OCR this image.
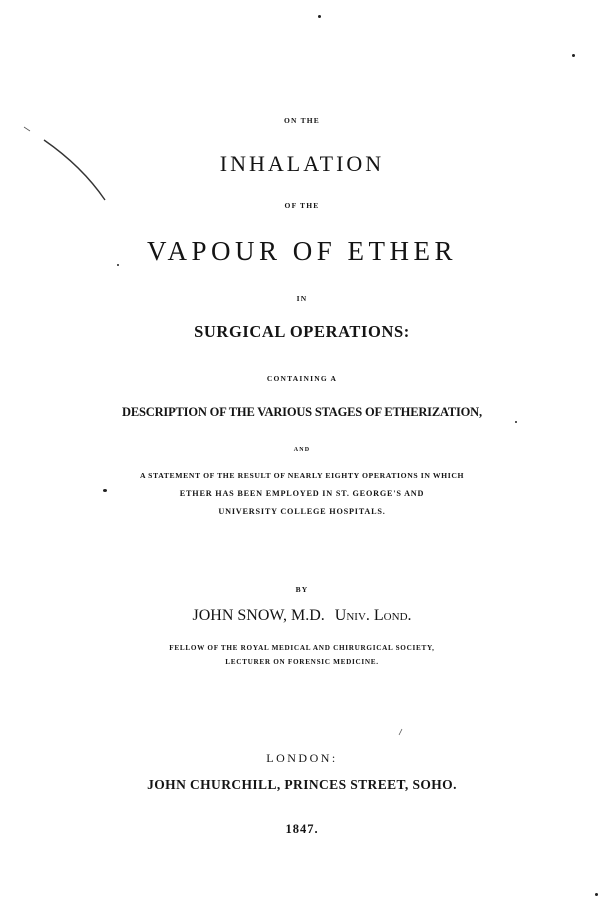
ON THE
INHALATION
OF THE
VAPOUR OF ETHER
IN
SURGICAL OPERATIONS:
CONTAINING A
DESCRIPTION OF THE VARIOUS STAGES OF ETHERIZATION,
AND
A STATEMENT OF THE RESULT OF NEARLY EIGHTY OPERATIONS IN WHICH
ETHER HAS BEEN EMPLOYED IN ST. GEORGE'S AND
UNIVERSITY COLLEGE HOSPITALS.
BY
JOHN SNOW, M.D. Univ. Lond.
FELLOW OF THE ROYAL MEDICAL AND CHIRURGICAL SOCIETY,
LECTURER ON FORENSIC MEDICINE.
LONDON:
JOHN CHURCHILL, PRINCES STREET, SOHO.
1847.
